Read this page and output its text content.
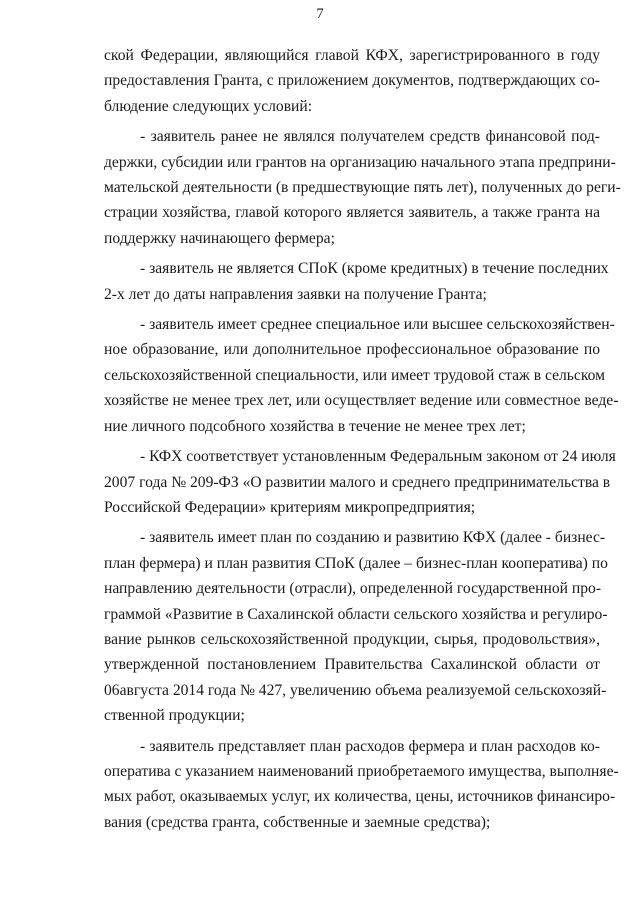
7
ской Федерации, являющийся главой КФХ, зарегистрированного в году
предоставления Гранта, с приложением документов, подтверждающих со-
блюдение следующих условий:
- заявитель ранее не являлся получателем средств финансовой под-
держки, субсидии или грантов на организацию начального этапа предприни-
мательской деятельности (в предшествующие пять лет), полученных до реги-
страции хозяйства, главой которого является заявитель, а также гранта на
поддержку начинающего фермера;
- заявитель не является СПоК (кроме кредитных) в течение последних
2-х лет до даты направления заявки на получение Гранта;
- заявитель имеет среднее специальное или высшее сельскохозяйствен-
ное образование, или дополнительное профессиональное образование по
сельскохозяйственной специальности, или имеет трудовой стаж в сельском
хозяйстве не менее трех лет, или осуществляет ведение или совместное веде-
ние личного подсобного хозяйства в течение не менее трех лет;
- КФХ соответствует установленным Федеральным законом от 24 июля
2007 года № 209-ФЗ «О развитии малого и среднего предпринимательства в
Российской Федерации» критериям микропредприятия;
- заявитель имеет план по созданию и развитию КФХ (далее - бизнес-
план фермера) и план развития СПоК (далее – бизнес-план кооператива) по
направлению деятельности (отрасли), определенной государственной про-
граммой «Развитие в Сахалинской области сельского хозяйства и регулиро-
вание рынков сельскохозяйственной продукции, сырья, продовольствия»,
утвержденной постановлением Правительства Сахалинской области от
06августа 2014 года № 427, увеличению объема реализуемой сельскохозяй-
ственной продукции;
- заявитель представляет план расходов фермера и план расходов ко-
оператива с указанием наименований приобретаемого имущества, выполняе-
мых работ, оказываемых услуг, их количества, цены, источников финансиро-
вания (средства гранта, собственные и заемные средства);
